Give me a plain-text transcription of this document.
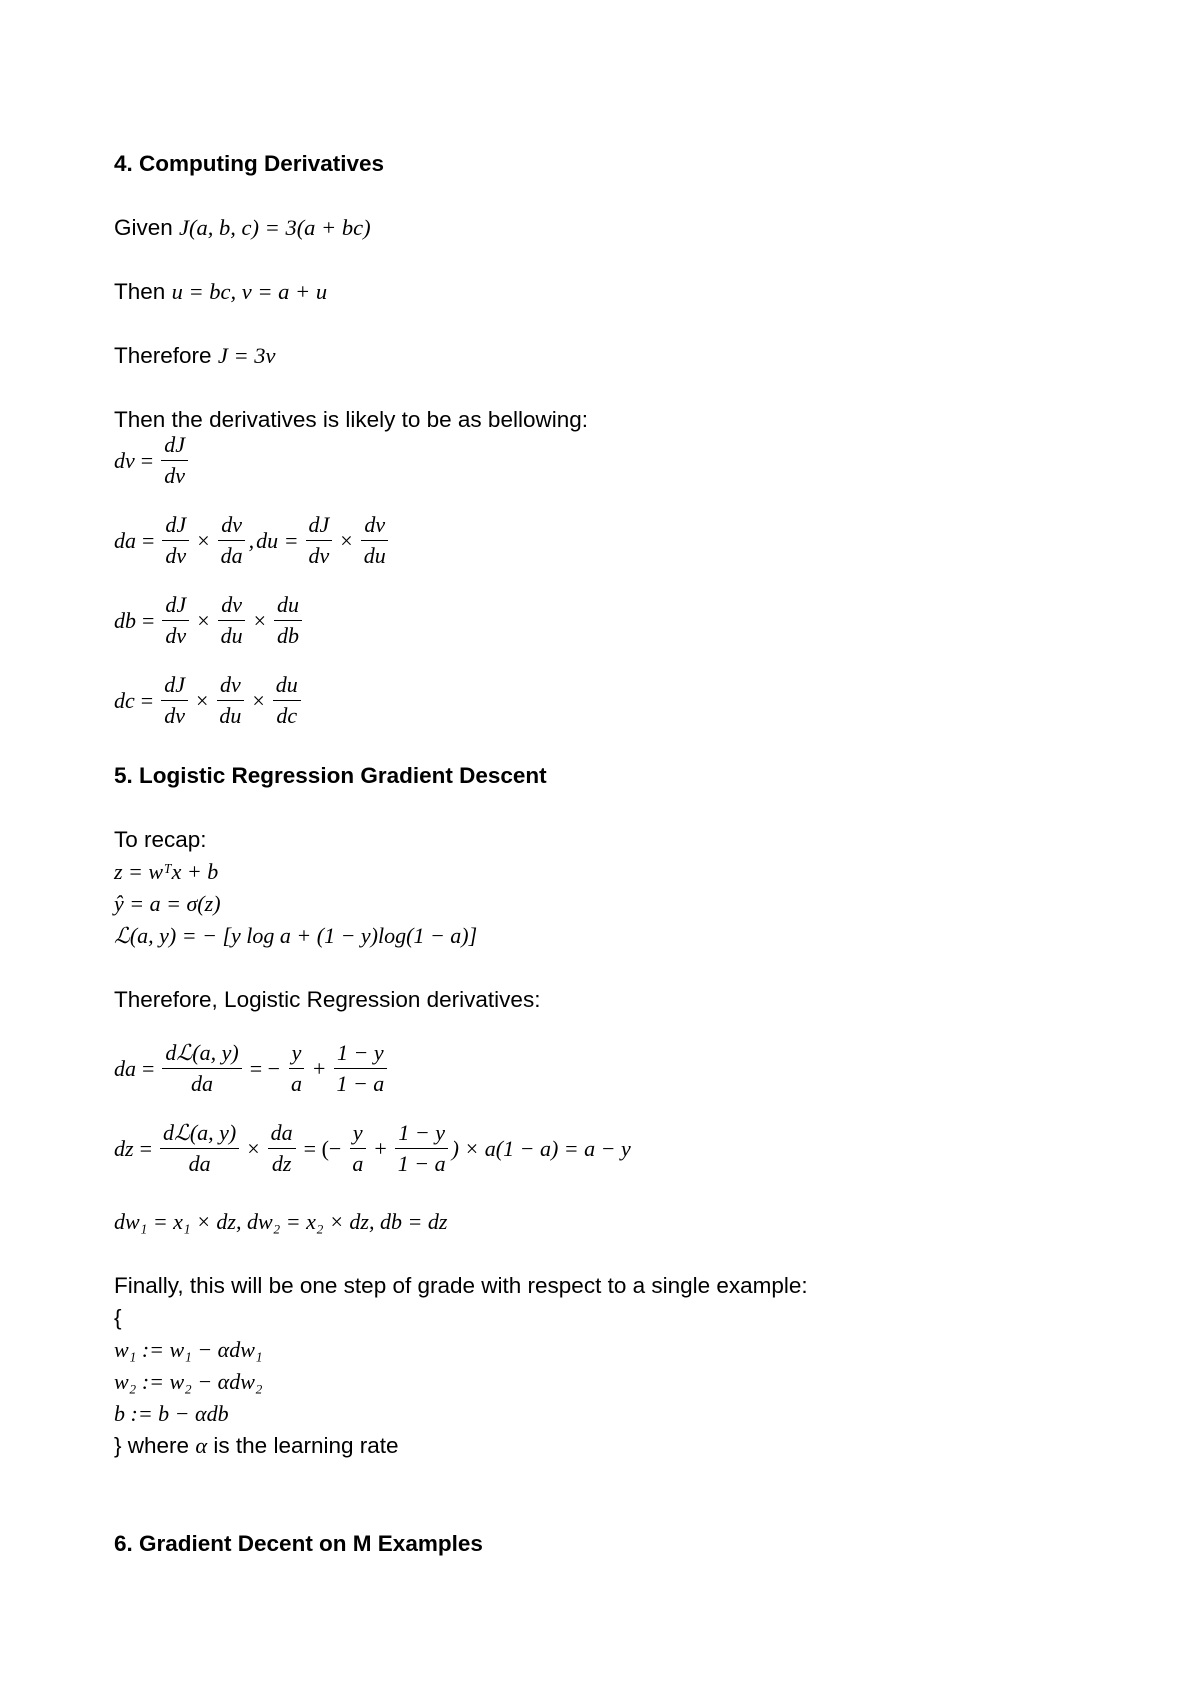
4. Computing Derivatives
Given J(a, b, c) = 3(a + bc)
Then u = bc, v = a + u
Therefore J = 3v
Then the derivatives is likely to be as bellowing:
dv = $\frac{dJ}{dv}$
da = $\frac{dJ}{dv} \times \frac{dv}{da}$ , du = $\frac{dJ}{dv} \times \frac{dv}{du}$
db = $\frac{dJ}{dv} \times \frac{dv}{du} \times \frac{du}{db}$
dc = $\frac{dJ}{dv} \times \frac{dv}{du} \times \frac{du}{dc}$
5. Logistic Regression Gradient Descent
To recap:
z = wᵀx + b
ŷ = a = σ(z)
ℒ(a, y) = − [y log a + (1 − y)log(1 − a)]
Therefore, Logistic Regression derivatives:
da = $\frac{\text{dℒ(a, y)}}{da}$ = − $\frac{y}{a} + \frac{1 - y}{1 - a}$
dz = $\frac{\text{dℒ(a, y)}}{da} \times \frac{da}{dz}$ = (− $\frac{y}{a} + \frac{1 - y}{1 - a}$ ) × a(1 − a) = a − y
dw₁ = x₁ × dz, dw₂ = x₂ × dz, db = dz
Finally, this will be one step of grade with respect to a single example:
{
w₁ := w₁ − αdw₁
w₂ := w₂ − αdw₂
b := b − αdb
} where α is the learning rate
6. Gradient Decent on M Examples
